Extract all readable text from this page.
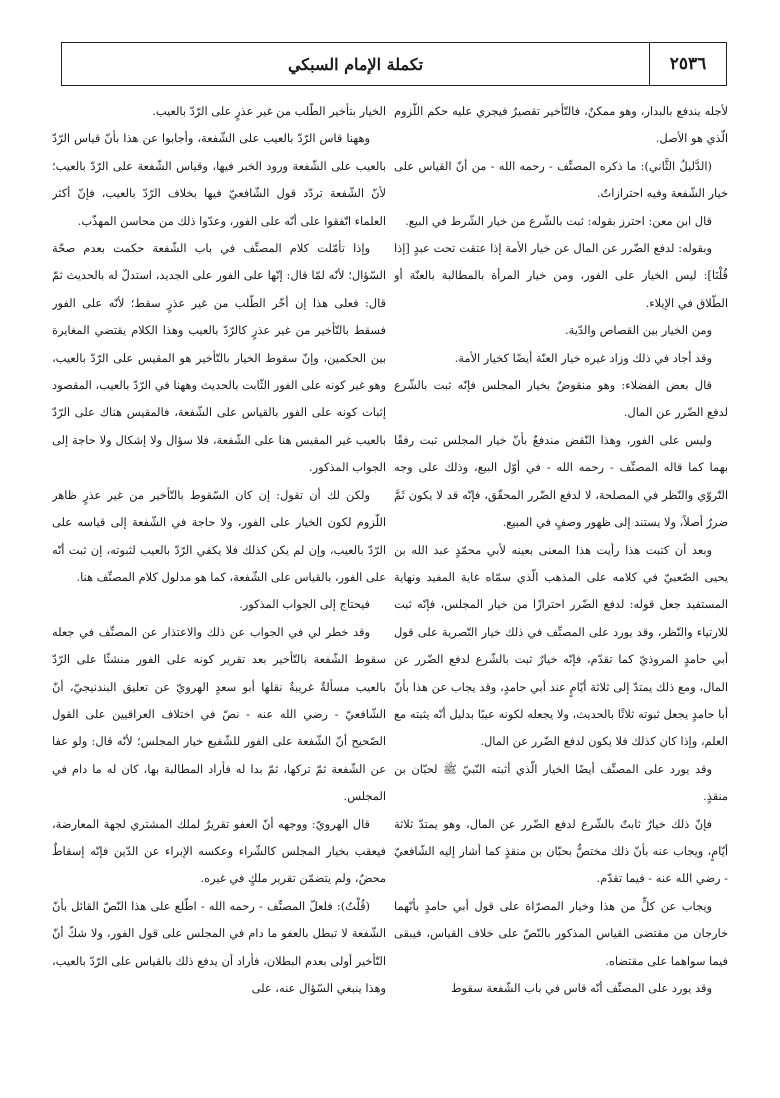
٢٥٣٦
تكملة الإمام السبكي

لأجله يندفع بالبدار، وهو ممكنٌ، فالتّأخير تقصيرٌ فيجري عليه حكم اللّزوم الّذي هو الأصل.

(الدَّليلُ الثَّاني): ما ذكره المصنِّف - رحمه الله - من أنّ القياس على خيار الشّفعة وفيه احترازاتٌ.

قال ابن معن: احترز بقوله: ثبت بالشّرع من خيار الشّرط في البيع.

وبقوله: لدفع الضّرر عن المال عن خيار الأمة إذا عتقت تحت عبدٍ [إذا قُلْنَا]: ليس الخيار على الفور، ومن خيار المرأة بالمطالبة بالعنّة أو الطّلاق في الإيلاء.

ومن الخيار بين القصاص والدّية.

وقد أجاد في ذلك وزاد غيره خيار العنّة أيضًا كخيار الأمة.

قال بعض الفضلاء: وهو منقوضٌ بخيار المجلس فإنّه ثبت بالشّرع لدفع الضّرر عن المال.

وليس على الفور، وهذا النّقض مندفعٌ بأنّ خيار المجلس ثبت رفقًا بهما كما قاله المصنِّف - رحمه الله - في أوّل البيع، وذلك على وجه التّروّي والنّظر في المصلحة، لا لدفع الضّرر المحقّق، فإنّه قد لا يكون ثَمَّ ضررٌ أصلاً، ولا يستند إلى ظهور وصفٍ في المبيع.

وبعد أن كتبت هذا رأيت هذا المعنى بعينه لأبي محمّدٍ عبد الله بن يحيى الصّعبيّ في كلامه على المذهب الّذي سمّاه غاية المفيد ونهاية المستفيد جعل قوله: لدفع الضّرر احترازًا من خيار المجلس، فإنّه ثبت للارتياء والنّظر، وقد يورد على المصنِّف في ذلك خيار التّصرية على قول أبي حامدٍ المروذيّ كما تقدّم، فإنّه خيارٌ ثبت بالشّرع لدفع الضّرر عن المال، ومع ذلك يمتدّ إلى ثلاثة أيّامٍ عند أبي حامدٍ، وقد يجاب عن هذا بأنّ أبا حامدٍ يجعل ثبوته ثلاثًا بالحديث، ولا يجعله لكونه عيبًا بدليل أنّه يثبته مع العلم، وإذا كان كذلك فلا يكون لدفع الضّرر عن المال.

وقد يورد على المصنِّف أيضًا الخيار الّذي أثبته النّبيّ ﷺ لحبّان بن منقذٍ.

فإنّ ذلك خيارٌ ثابتٌ بالشّرع لدفع الضّرر عن المال، وهو يمتدّ ثلاثة أيّامٍ، ويجاب عنه بأنّ ذلك مختصٌّ بحبّان بن منقذٍ كما أشار إليه الشّافعيّ - رضي الله عنه - فيما تقدّم.

ويجاب عن كلٍّ من هذا وخيار المصرّاة على قول أبي حامدٍ بأنّهما خارجان من مقتضى القياس المذكور بالنّصّ على خلاف القياس، فيبقى فيما سواهما على مقتضاه.

وقد يورد على المصنِّف أنّه قاس في باب الشّفعة سقوط

الخيار بتأخير الطّلب من غير عذرٍ على الرّدّ بالعيب.

وههنا قاس الرّدّ بالعيب على الشّفعة، وأجابوا عن هذا بأنّ قياس الرّدّ بالعيب على الشّفعة ورود الخبر فيها، وقياس الشّفعة على الرّدّ بالعيب؛ لأنّ الشّفعة تردّد قول الشّافعيّ فيها بخلاف الرّدّ بالعيب، فإنّ أكثر العلماء اتّفقوا على أنّه على الفور، وعدّوا ذلك من محاسن المهذّب.

وإذا تأمّلت كلام المصنِّف في باب الشّفعة حكمت بعدم صحّة السّؤال؛ لأنّه لمّا قال: إنّها على الفور على الجديد، استدلّ له بالحديث ثمّ قال: فعلى هذا إن أخّر الطّلب من غير عذرٍ سقط؛ لأنّه على الفور فسقط بالتّأخير من غير عذرٍ كالرّدّ بالعيب وهذا الكلام يقتضي المغايرة بين الحكمين، وإنّ سقوط الخيار بالتّأخير هو المقيس على الرّدّ بالعيب، وهو غير كونه على الفور الثّابت بالحديث وههنا في الرّدّ بالعيب، المقصود إثبات كونه على الفور بالقياس على الشّفعة، فالمقيس هناك على الرّدّ بالعيب غير المقيس هنا على الشّفعة، فلا سؤال ولا إشكال ولا حاجة إلى الجواب المذكور.

ولكن لك أن تقول: إن كان السّقوط بالتّأخير من غير عذرٍ ظاهر اللّزوم لكون الخيار على الفور، ولا حاجة في الشّفعة إلى قياسه على الرّدّ بالعيب، وإن لم يكن كذلك فلا يكفي الرّدّ بالعيب لثبوته، إن ثبت أنّه على الفور، بالقياس على الشّفعة، كما هو مدلول كلام المصنِّف هنا.

فيحتاج إلى الجواب المذكور.

وقد خطر لي في الجواب عن ذلك والاعتذار عن المصنِّف في جعله سقوط الشّفعة بالتّأخير بعد تقرير كونه على الفور منشئًا على الرّدّ بالعيب مسألةٌ غريبةٌ نقلها أبو سعدٍ الهرويّ عن تعليق البندنيجيّ، أنّ الشّافعيّ - رضي الله عنه - نصّ في اختلاف العراقيين على القول الصّحيح أنّ الشّفعة على الفور للشّفيع خيار المجلس؛ لأنّه قال: ولو عفا عن الشّفعة ثمّ تركها، ثمّ بدا له فأراد المطالبة بها، كان له ما دام في المجلس.

قال الهرويّ: ووجهه أنّ العفو تقريرٌ لملك المشتري لجهة المعارضة، فيعقب بخيار المجلس كالشّراء وعكسه الإبراء عن الدّين فإنّه إسقاطٌ محضٌ، ولم يتضمّن تقرير ملكٍ في غيره.

(قُلْتُ): فلعلّ المصنِّف - رحمه الله - اطّلع على هذا النّصّ القائل بأنّ الشّفعة لا تبطل بالعفو ما دام في المجلس على قول الفور، ولا شكّ أنّ التّأخير أولى بعدم البطلان، فأراد أن يدفع ذلك بالقياس على الرّدّ بالعيب، وهذا ينبغي السّؤال عنه، على
